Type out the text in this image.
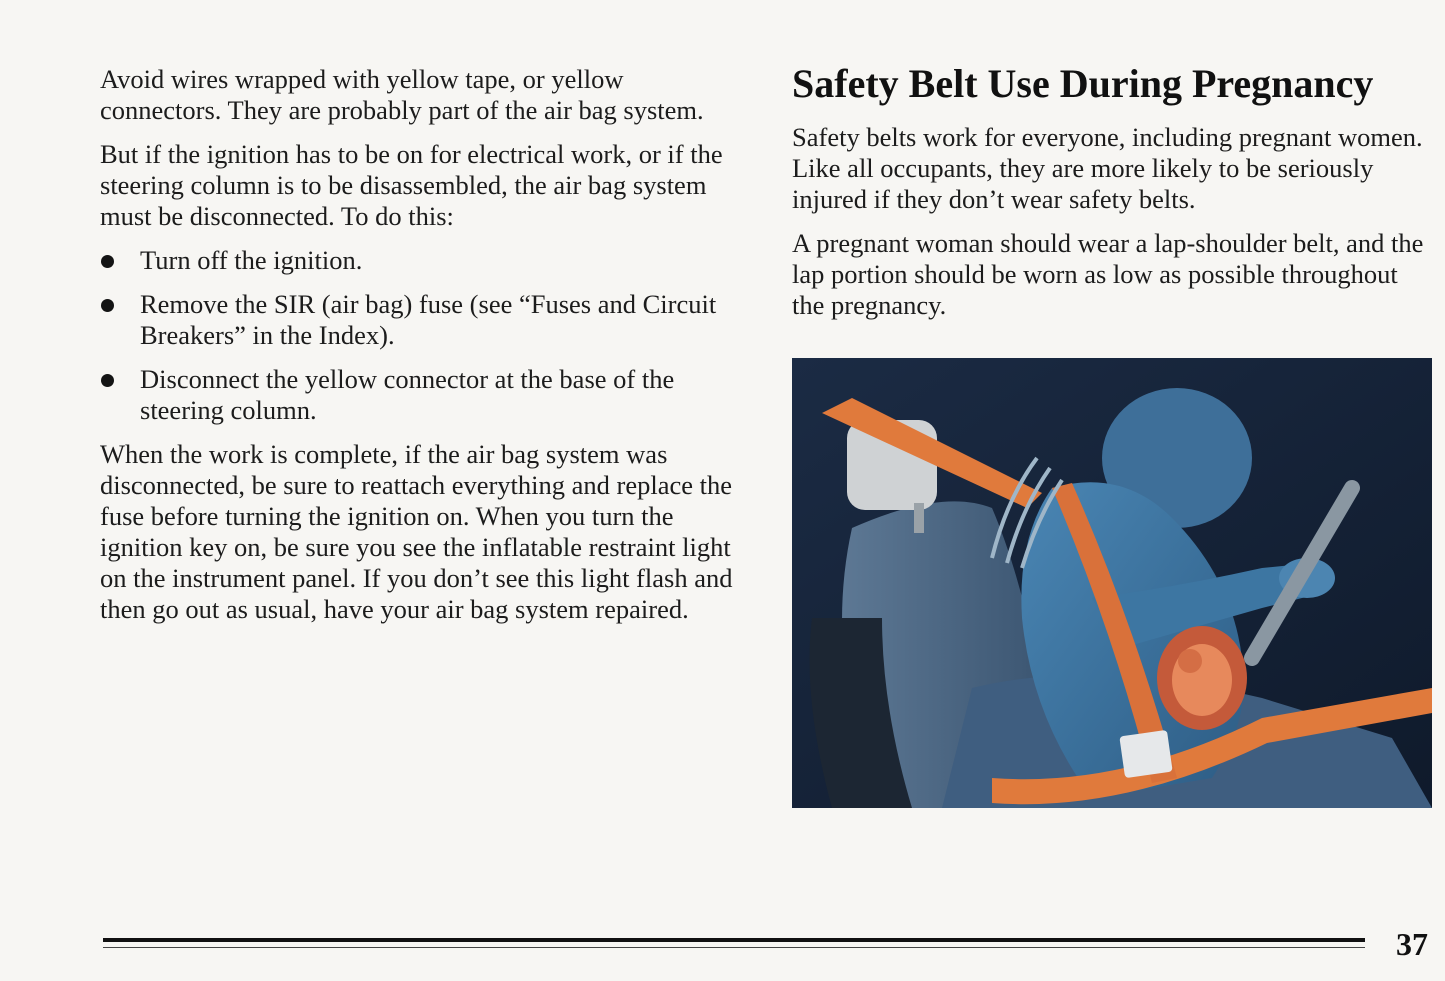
Avoid wires wrapped with yellow tape, or yellow connectors. They are probably part of the air bag system.

But if the ignition has to be on for electrical work, or if the steering column is to be disassembled, the air bag system must be disconnected. To do this:

Turn off the ignition.
Remove the SIR (air bag) fuse (see “Fuses and Circuit Breakers” in the Index).
Disconnect the yellow connector at the base of the steering column.

When the work is complete, if the air bag system was disconnected, be sure to reattach everything and replace the fuse before turning the ignition on. When you turn the ignition key on, be sure you see the inflatable restraint light on the instrument panel. If you don’t see this light flash and then go out as usual, have your air bag system repaired.

Safety Belt Use During Pregnancy

Safety belts work for everyone, including pregnant women. Like all occupants, they are more likely to be seriously injured if they don’t wear safety belts.

A pregnant woman should wear a lap-shoulder belt, and the lap portion should be worn as low as possible throughout the pregnancy.

37
